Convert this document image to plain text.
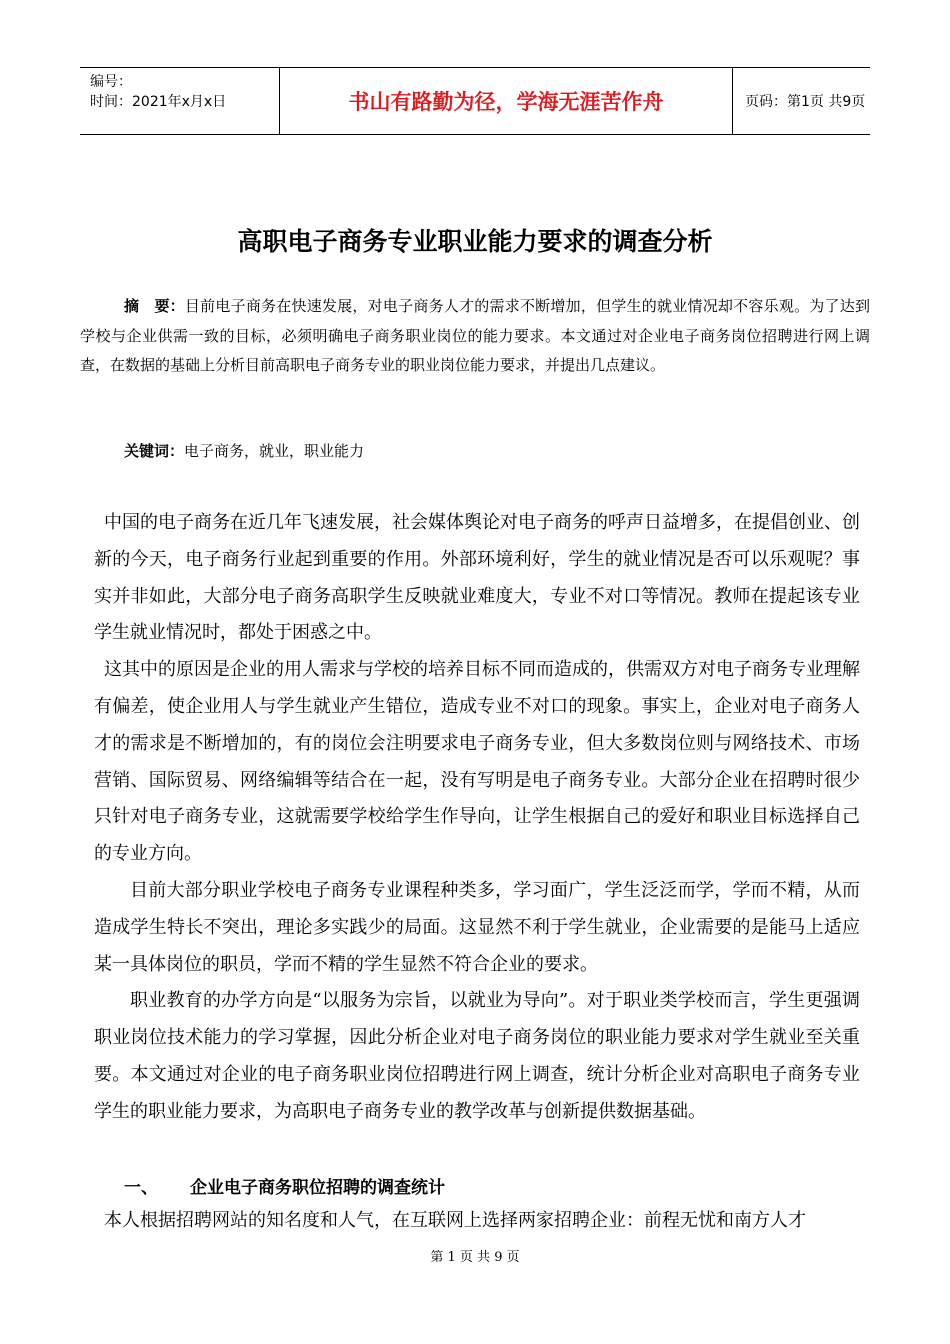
编号：
时间：2021年x月x日	书山有路勤为径，学海无涯苦作舟	页码：第1页 共9页
高职电子商务专业职业能力要求的调查分析

摘　要：目前电子商务在快速发展，对电子商务人才的需求不断增加，但学生的就业情况却不容乐观。为了达到学校与企业供需一致的目标，必须明确电子商务职业岗位的能力要求。本文通过对企业电子商务岗位招聘进行网上调查，在数据的基础上分析目前高职电子商务专业的职业岗位能力要求，并提出几点建议。

关键词：电子商务，就业，职业能力

中国的电子商务在近几年飞速发展，社会媒体舆论对电子商务的呼声日益增多，在提倡创业、创新的今天，电子商务行业起到重要的作用。外部环境利好，学生的就业情况是否可以乐观呢？事实并非如此，大部分电子商务高职学生反映就业难度大，专业不对口等情况。教师在提起该专业学生就业情况时，都处于困惑之中。

这其中的原因是企业的用人需求与学校的培养目标不同而造成的，供需双方对电子商务专业理解有偏差，使企业用人与学生就业产生错位，造成专业不对口的现象。事实上，企业对电子商务人才的需求是不断增加的，有的岗位会注明要求电子商务专业，但大多数岗位则与网络技术、市场营销、国际贸易、网络编辑等结合在一起，没有写明是电子商务专业。大部分企业在招聘时很少只针对电子商务专业，这就需要学校给学生作导向，让学生根据自己的爱好和职业目标选择自己的专业方向。

目前大部分职业学校电子商务专业课程种类多，学习面广，学生泛泛而学，学而不精，从而造成学生特长不突出，理论多实践少的局面。这显然不利于学生就业，企业需要的是能马上适应某一具体岗位的职员，学而不精的学生显然不符合企业的要求。

职业教育的办学方向是“以服务为宗旨，以就业为导向”。对于职业类学校而言，学生更强调职业岗位技术能力的学习掌握，因此分析企业对电子商务岗位的职业能力要求对学生就业至关重要。本文通过对企业的电子商务职业岗位招聘进行网上调查，统计分析企业对高职电子商务专业学生的职业能力要求，为高职电子商务专业的教学改革与创新提供数据基础。

一、 企业电子商务职位招聘的调查统计
本人根据招聘网站的知名度和人气，在互联网上选择两家招聘企业：前程无忧和南方人才
第 1 页 共 9 页
